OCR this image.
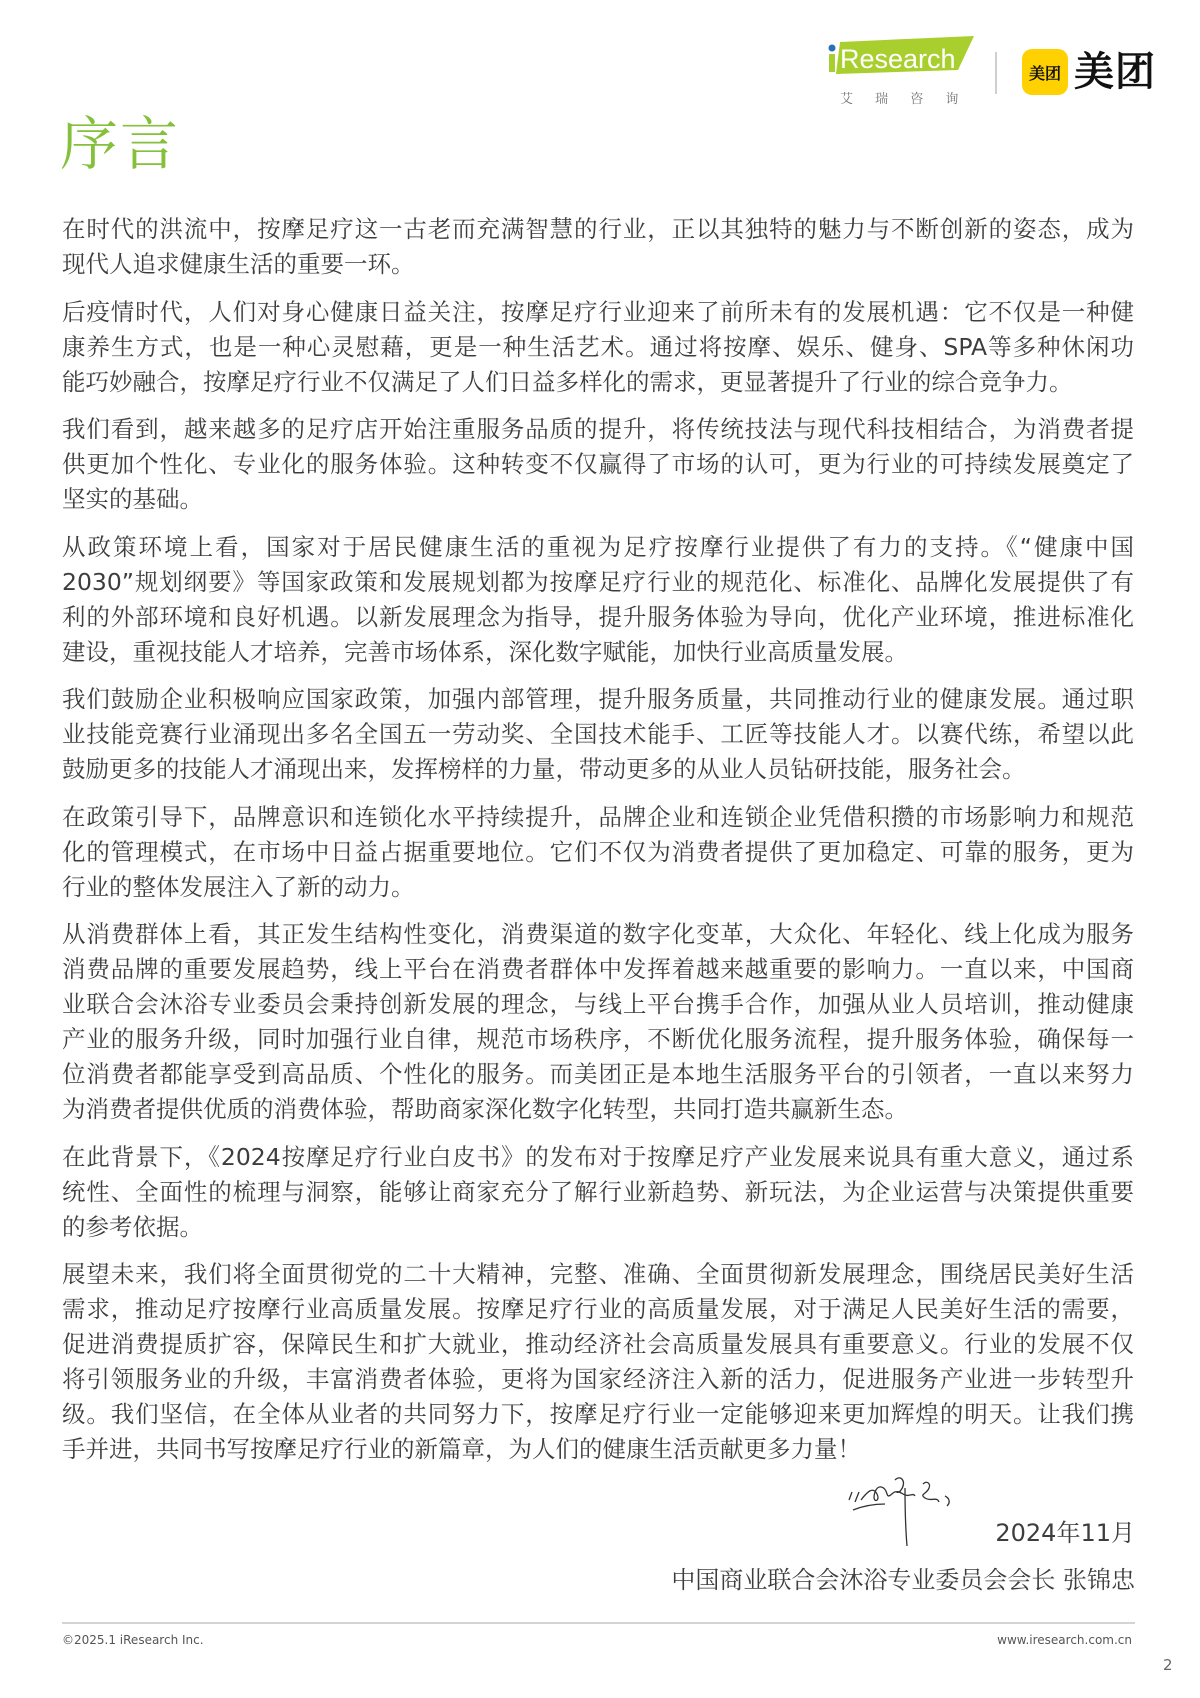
Research
艾 瑞 咨 询
美团 美团
序言
在时代的洪流中，按摩足疗这一古老而充满智慧的行业，正以其独特的魅力与不断创新的姿态，成为
现代人追求健康生活的重要一环。
后疫情时代，人们对身心健康日益关注，按摩足疗行业迎来了前所未有的发展机遇：它不仅是一种健
康养生方式，也是一种心灵慰藉，更是一种生活艺术。通过将按摩、娱乐、健身、SPA等多种休闲功
能巧妙融合，按摩足疗行业不仅满足了人们日益多样化的需求，更显著提升了行业的综合竞争力。
我们看到，越来越多的足疗店开始注重服务品质的提升，将传统技法与现代科技相结合，为消费者提
供更加个性化、专业化的服务体验。这种转变不仅赢得了市场的认可，更为行业的可持续发展奠定了
坚实的基础。
从政策环境上看，国家对于居民健康生活的重视为足疗按摩行业提供了有力的支持。《“健康中国
2030”规划纲要》等国家政策和发展规划都为按摩足疗行业的规范化、标准化、品牌化发展提供了有
利的外部环境和良好机遇。以新发展理念为指导，提升服务体验为导向，优化产业环境，推进标准化
建设，重视技能人才培养，完善市场体系，深化数字赋能，加快行业高质量发展。
我们鼓励企业积极响应国家政策，加强内部管理，提升服务质量，共同推动行业的健康发展。通过职
业技能竞赛行业涌现出多名全国五一劳动奖、全国技术能手、工匠等技能人才。以赛代练，希望以此
鼓励更多的技能人才涌现出来，发挥榜样的力量，带动更多的从业人员钻研技能，服务社会。
在政策引导下，品牌意识和连锁化水平持续提升，品牌企业和连锁企业凭借积攒的市场影响力和规范
化的管理模式，在市场中日益占据重要地位。它们不仅为消费者提供了更加稳定、可靠的服务，更为
行业的整体发展注入了新的动力。
从消费群体上看，其正发生结构性变化，消费渠道的数字化变革，大众化、年轻化、线上化成为服务
消费品牌的重要发展趋势，线上平台在消费者群体中发挥着越来越重要的影响力。一直以来，中国商
业联合会沐浴专业委员会秉持创新发展的理念，与线上平台携手合作，加强从业人员培训，推动健康
产业的服务升级，同时加强行业自律，规范市场秩序，不断优化服务流程，提升服务体验，确保每一
位消费者都能享受到高品质、个性化的服务。而美团正是本地生活服务平台的引领者，一直以来努力
为消费者提供优质的消费体验，帮助商家深化数字化转型，共同打造共赢新生态。
在此背景下，《2024按摩足疗行业白皮书》的发布对于按摩足疗产业发展来说具有重大意义，通过系
统性、全面性的梳理与洞察，能够让商家充分了解行业新趋势、新玩法，为企业运营与决策提供重要
的参考依据。
展望未来，我们将全面贯彻党的二十大精神，完整、准确、全面贯彻新发展理念，围绕居民美好生活
需求，推动足疗按摩行业高质量发展。按摩足疗行业的高质量发展，对于满足人民美好生活的需要，
促进消费提质扩容，保障民生和扩大就业，推动经济社会高质量发展具有重要意义。行业的发展不仅
将引领服务业的升级，丰富消费者体验，更将为国家经济注入新的活力，促进服务产业进一步转型升
级。我们坚信，在全体从业者的共同努力下，按摩足疗行业一定能够迎来更加辉煌的明天。让我们携
手并进，共同书写按摩足疗行业的新篇章，为人们的健康生活贡献更多力量！
2024年11月
中国商业联合会沐浴专业委员会会长 张锦忠
©2025.1 iResearch Inc.	www.iresearch.com.cn
2
